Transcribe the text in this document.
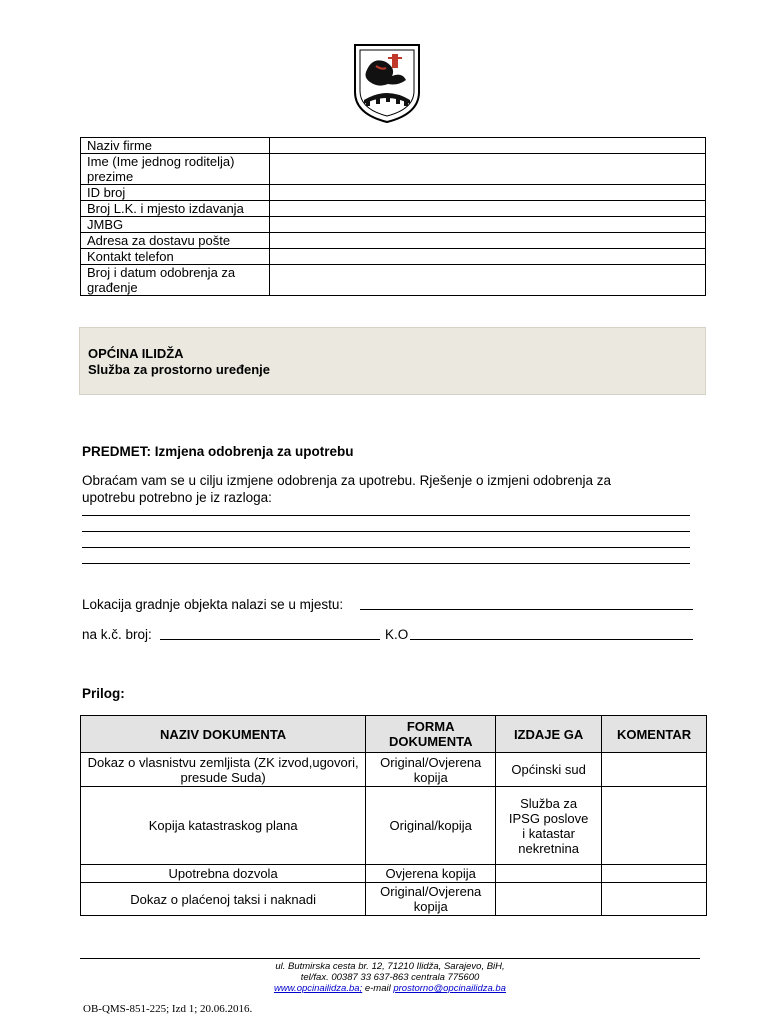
Naziv firme	
Ime (Ime jednog roditelja) prezime	
ID broj	
Broj L.K. i mjesto izdavanja	
JMBG	
Adresa za dostavu pošte	
Kontakt telefon	
Broj i datum odobrenja za građenje	
OPĆINA ILIDŽA
Služba za prostorno uređenje
PREDMET: Izmjena odobrenja za upotrebu
Obraćam vam se u cilju izmjene odobrenja za upotrebu. Rješenje o izmjeni odobrenja za upotrebu potrebno je iz razloga:
Lokacija gradnje objekta nalazi se u mjestu:
na k.č. broj:	K.O
Prilog:
NAZIV DOKUMENTA	FORMA DOKUMENTA	IZDAJE GA	KOMENTAR
Dokaz o vlasnistvu zemljista (ZK izvod,ugovori, presude Suda)	Original/Ovjerena kopija	Općinski sud	
Kopija katastraskog plana	Original/kopija	Služba za IPSG poslove i katastar nekretnina	
Upotrebna dozvola	Ovjerena kopija		
Dokaz o plaćenoj taksi i naknadi	Original/Ovjerena kopija		
ul. Butmirska cesta br. 12, 71210 Ilidža, Sarajevo, BiH,
tel/fax. 00387 33 637-863 centrala 775600
www.opcinailidza.ba; e-mail prostorno@opcinailidza.ba
OB-QMS-851-225; Izd 1; 20.06.2016.
